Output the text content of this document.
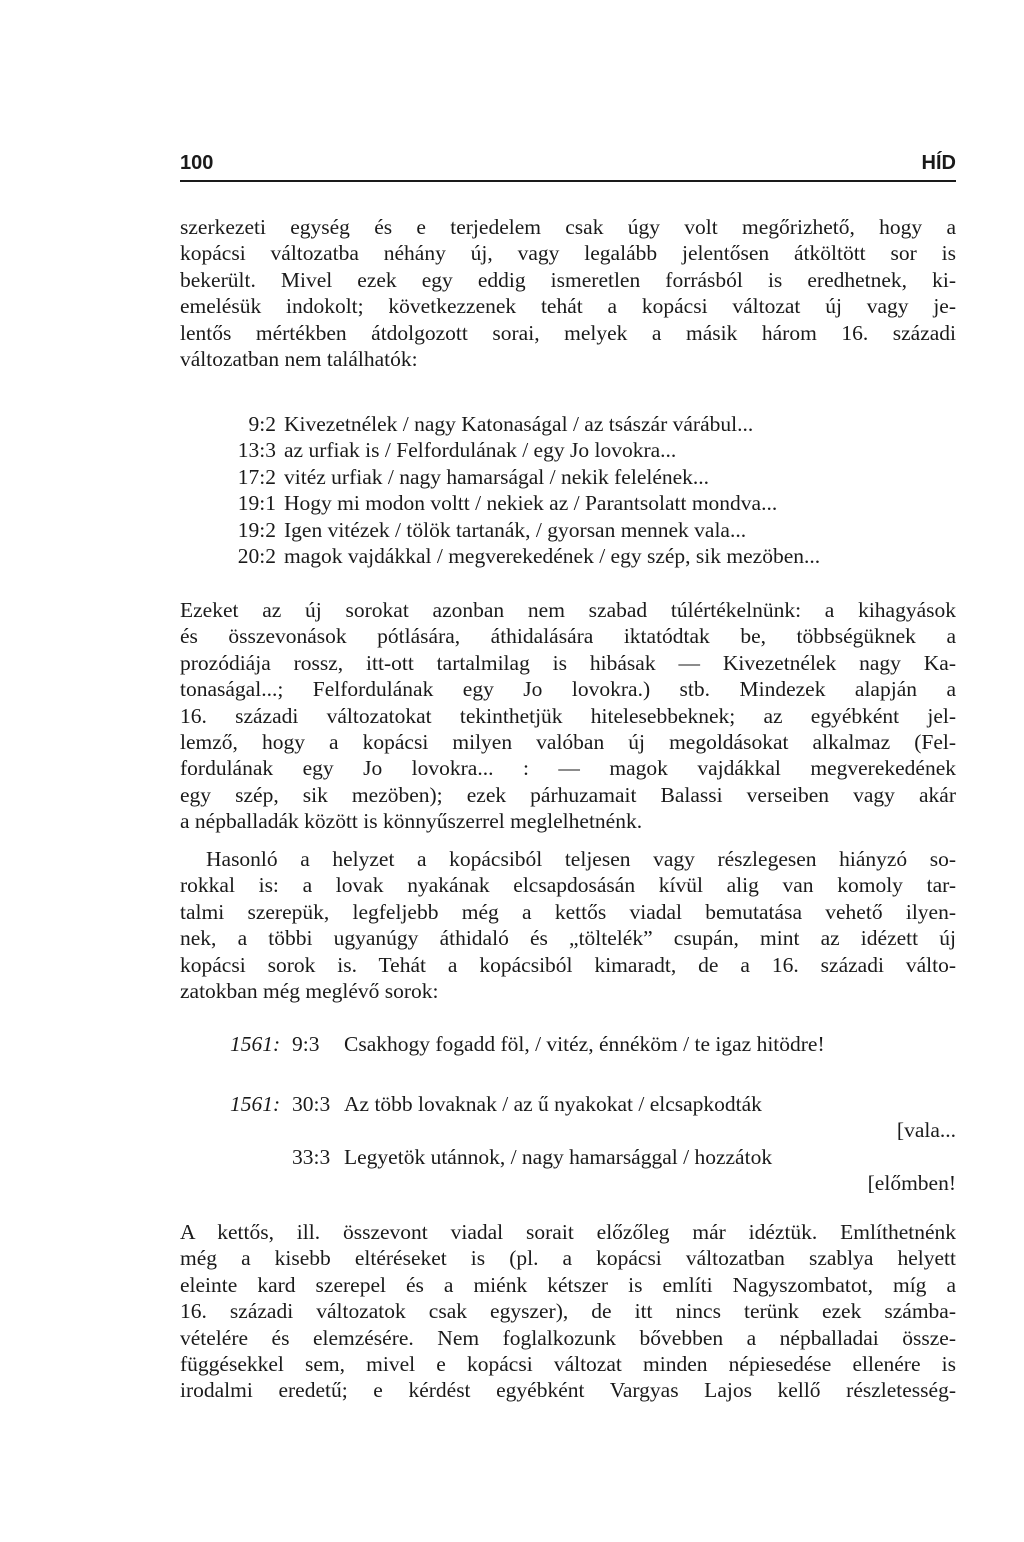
100	HÍD
szerkezeti egység és e terjedelem csak úgy volt megőrizhető, hogy a
kopácsi változatba néhány új, vagy legalább jelentősen átköltött sor is
bekerült. Mivel ezek egy eddig ismeretlen forrásból is eredhetnek, ki-
emelésük indokolt; következzenek tehát a kopácsi változat új vagy je-
lentős mértékben átdolgozott sorai, melyek a másik három 16. századi
változatban nem találhatók:
9:2 Kivezetnélek / nagy Katonaságal / az tsászár várábul...
13:3 az urfiak is / Felfordulának / egy Jo lovokra...
17:2 vitéz urfiak / nagy hamarságal / nekik felelének...
19:1 Hogy mi modon voltt / nekiek az / Parantsolatt mondva...
19:2 Igen vitézek / tölök tartanák, / gyorsan mennek vala...
20:2 magok vajdákkal / megverekedének / egy szép, sik mezöben...
Ezeket az új sorokat azonban nem szabad túlértékelnünk: a kihagyások
és összevonások pótlására, áthidalására iktatódtak be, többségüknek a
prozódiája rossz, itt-ott tartalmilag is hibásak — Kivezetnélek nagy Ka-
tonaságal...; Felfordulának egy Jo lovokra.) stb. Mindezek alapján a
16. századi változatokat tekinthetjük hitelesebbeknek; az egyébként jel-
lemző, hogy a kopácsi milyen valóban új megoldásokat alkalmaz (Fel-
fordulának egy Jo lovokra... : — magok vajdákkal megverekedének
egy szép, sik mezöben); ezek párhuzamait Balassi verseiben vagy akár
a népballadák között is könnyűszerrel meglelhetnénk.
Hasonló a helyzet a kopácsiból teljesen vagy részlegesen hiányzó so-
rokkal is: a lovak nyakának elcsapdosásán kívül alig van komoly tar-
talmi szerepük, legfeljebb még a kettős viadal bemutatása vehető ilyen-
nek, a többi ugyanúgy áthidaló és „töltelék” csupán, mint az idézett új
kopácsi sorok is. Tehát a kopácsiból kimaradt, de a 16. századi válto-
zatokban még meglévő sorok:
1561: 9:3	Csakhogy fogadd föl, / vitéz, énnéköm / te igaz hitödre!
1561: 30:3 Az több lovaknak / az ű nyakokat / elcsapkodták
[vala...
33:3 Legyetök utánnok, / nagy hamarsággal / hozzátok
[előmben!
A kettős, ill. összevont viadal sorait előzőleg már idéztük. Említhetnénk
még a kisebb eltéréseket is (pl. a kopácsi változatban szablya helyett
eleinte kard szerepel és a miénk kétszer is említi Nagyszombatot, míg a
16. századi változatok csak egyszer), de itt nincs terünk ezek számba-
vételére és elemzésére. Nem foglalkozunk bővebben a népballadai össze-
függésekkel sem, mivel e kopácsi változat minden népiesedése ellenére is
irodalmi eredetű; e kérdést egyébként Vargyas Lajos kellő részletesség-
